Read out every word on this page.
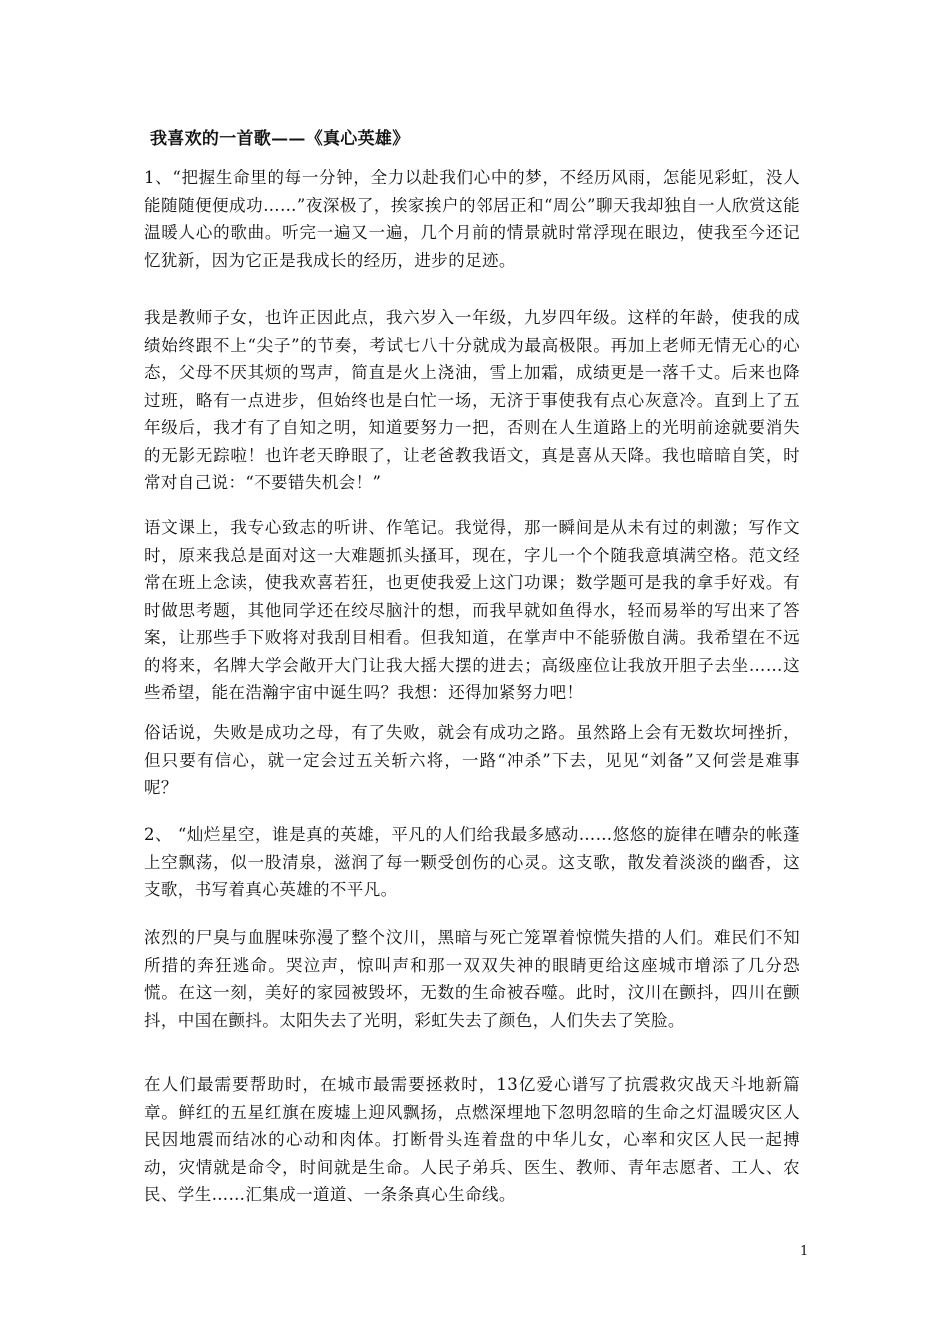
我喜欢的一首歌——《真心英雄》

1、“把握生命里的每一分钟，全力以赴我们心中的梦，不经历风雨，怎能见彩虹，没人能随随便便成功……”夜深极了，挨家挨户的邻居正和“周公”聊天我却独自一人欣赏这能温暖人心的歌曲。听完一遍又一遍，几个月前的情景就时常浮现在眼边，使我至今还记忆犹新，因为它正是我成长的经历，进步的足迹。

我是教师子女，也许正因此点，我六岁入一年级，九岁四年级。这样的年龄，使我的成绩始终跟不上“尖子”的节奏，考试七八十分就成为最高极限。再加上老师无情无心的心态，父母不厌其烦的骂声，简直是火上浇油，雪上加霜，成绩更是一落千丈。后来也降过班，略有一点进步，但始终也是白忙一场，无济于事使我有点心灰意冷。直到上了五年级后，我才有了自知之明，知道要努力一把，否则在人生道路上的光明前途就要消失的无影无踪啦！也许老天睁眼了，让老爸教我语文，真是喜从天降。我也暗暗自笑，时常对自己说：“不要错失机会！”

语文课上，我专心致志的听讲、作笔记。我觉得，那一瞬间是从未有过的刺激；写作文时，原来我总是面对这一大难题抓头搔耳，现在，字儿一个个随我意填满空格。范文经常在班上念读，使我欢喜若狂，也更使我爱上这门功课；数学题可是我的拿手好戏。有时做思考题，其他同学还在绞尽脑汁的想，而我早就如鱼得水，轻而易举的写出来了答案，让那些手下败将对我刮目相看。但我知道，在掌声中不能骄傲自满。我希望在不远的将来，名牌大学会敞开大门让我大摇大摆的进去；高级座位让我放开胆子去坐……这些希望，能在浩瀚宇宙中诞生吗？我想：还得加紧努力吧！

俗话说，失败是成功之母，有了失败，就会有成功之路。虽然路上会有无数坎坷挫折，但只要有信心，就一定会过五关斩六将，一路“冲杀”下去，见见“刘备”又何尝是难事呢？

2、 “灿烂星空，谁是真的英雄，平凡的人们给我最多感动……悠悠的旋律在嘈杂的帐蓬上空飘荡，似一股清泉，滋润了每一颗受创伤的心灵。这支歌，散发着淡淡的幽香，这支歌，书写着真心英雄的不平凡。

浓烈的尸臭与血腥味弥漫了整个汶川，黑暗与死亡笼罩着惊慌失措的人们。难民们不知所措的奔狂逃命。哭泣声，惊叫声和那一双双失神的眼睛更给这座城市增添了几分恐慌。在这一刻，美好的家园被毁坏，无数的生命被吞噬。此时，汶川在颤抖，四川在颤抖，中国在颤抖。太阳失去了光明，彩虹失去了颜色，人们失去了笑脸。

在人们最需要帮助时，在城市最需要拯救时，13亿爱心谱写了抗震救灾战天斗地新篇章。鲜红的五星红旗在废墟上迎风飘扬，点燃深埋地下忽明忽暗的生命之灯温暖灾区人民因地震而结冰的心动和肉体。打断骨头连着盘的中华儿女，心率和灾区人民一起搏动，灾情就是命令，时间就是生命。人民子弟兵、医生、教师、青年志愿者、工人、农民、学生……汇集成一道道、一条条真心生命线。

1
